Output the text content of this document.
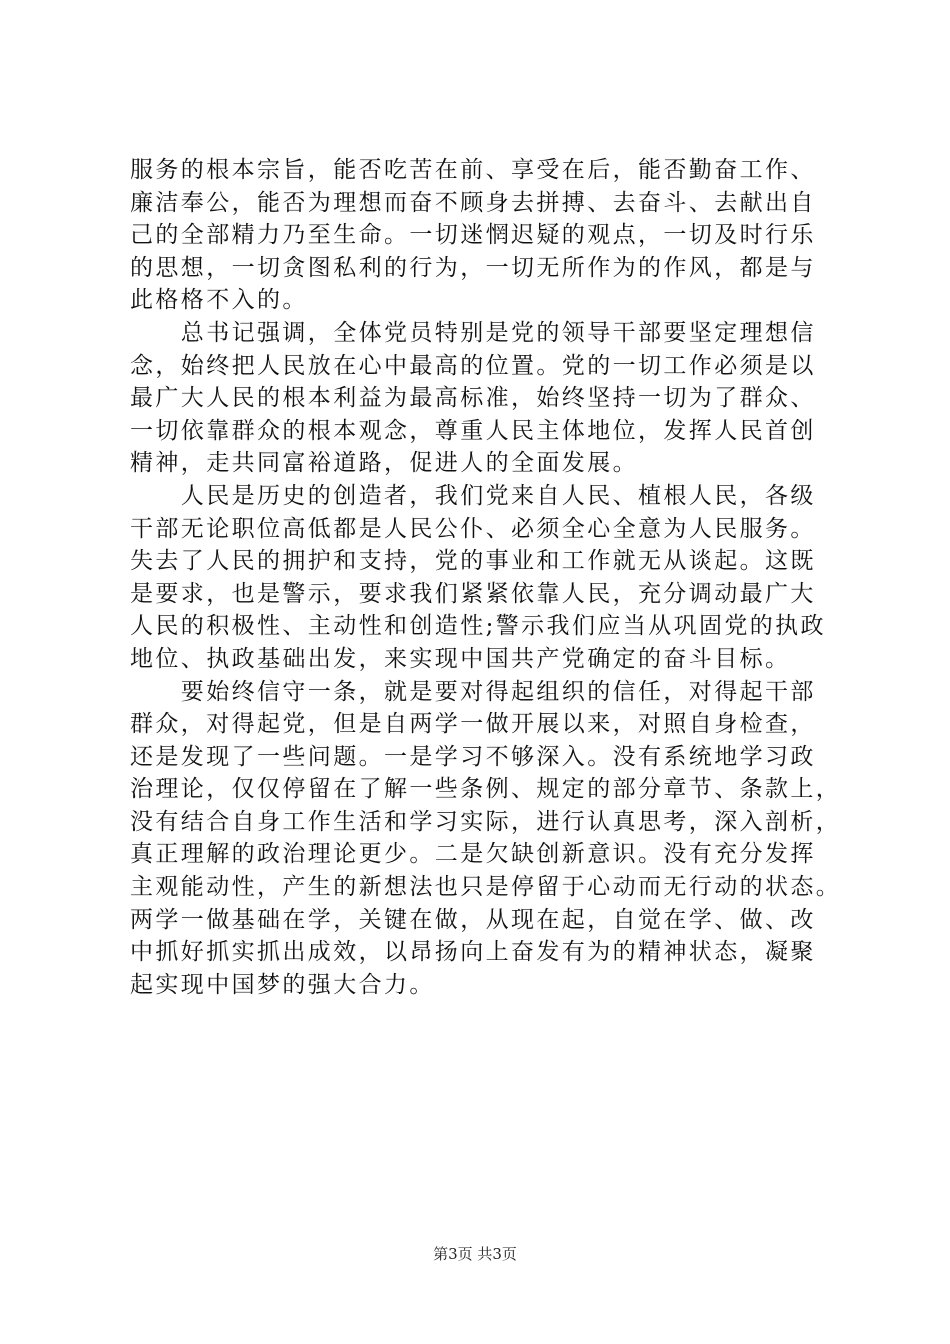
服务的根本宗旨，能否吃苦在前、享受在后，能否勤奋工作、
廉洁奉公，能否为理想而奋不顾身去拼搏、去奋斗、去献出自
己的全部精力乃至生命。一切迷惘迟疑的观点，一切及时行乐
的思想，一切贪图私利的行为，一切无所作为的作风，都是与
此格格不入的。
　　总书记强调，全体党员特别是党的领导干部要坚定理想信
念，始终把人民放在心中最高的位置。党的一切工作必须是以
最广大人民的根本利益为最高标准，始终坚持一切为了群众、
一切依靠群众的根本观念，尊重人民主体地位，发挥人民首创
精神，走共同富裕道路，促进人的全面发展。
　　人民是历史的创造者，我们党来自人民、植根人民，各级
干部无论职位高低都是人民公仆、必须全心全意为人民服务。
失去了人民的拥护和支持，党的事业和工作就无从谈起。这既
是要求，也是警示，要求我们紧紧依靠人民，充分调动最广大
人民的积极性、主动性和创造性;警示我们应当从巩固党的执政
地位、执政基础出发，来实现中国共产党确定的奋斗目标。
　　要始终信守一条，就是要对得起组织的信任，对得起干部
群众，对得起党，但是自两学一做开展以来，对照自身检查，
还是发现了一些问题。一是学习不够深入。没有系统地学习政
治理论，仅仅停留在了解一些条例、规定的部分章节、条款上，
没有结合自身工作生活和学习实际，进行认真思考，深入剖析，
真正理解的政治理论更少。二是欠缺创新意识。没有充分发挥
主观能动性，产生的新想法也只是停留于心动而无行动的状态。
两学一做基础在学，关键在做，从现在起，自觉在学、做、改
中抓好抓实抓出成效，以昂扬向上奋发有为的精神状态，凝聚
起实现中国梦的强大合力。
第3页 共3页
